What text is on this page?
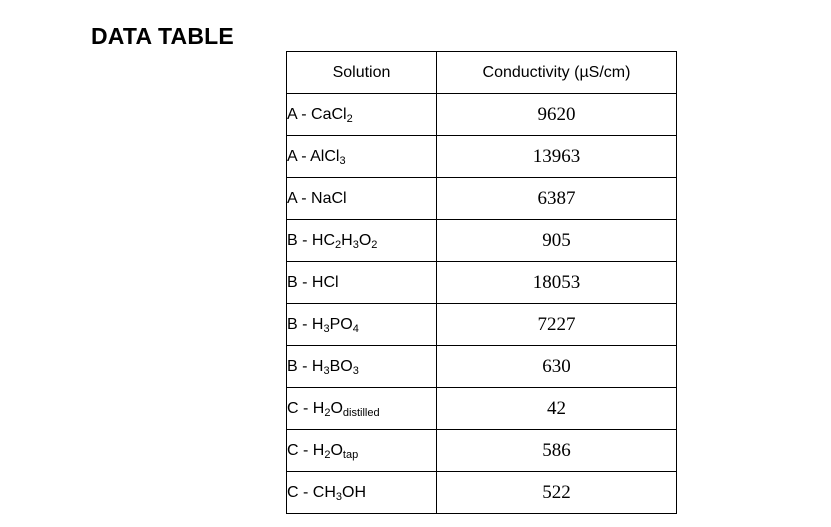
DATA TABLE
Solution	Conductivity (µS/cm)
A - CaCl$_2$	9620
A - AlCl$_3$	13963
A - NaCl	6387
B - $HC_2H_3O_2$	905
B - HCl	18053
B - $H_3PO_4$	7227
B - $H_3BO_3$	630
C - $H_2O_{distilled}$	42
C - $H_2O_{tap}$	586
C - $CH_3OH$	522
